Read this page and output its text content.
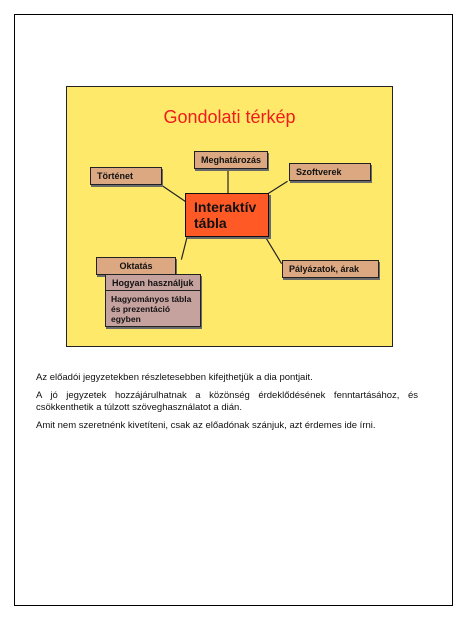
Gondolati térkép
Meghatározás
Történet	Szoftverek
Interaktív
tábla
Oktatás	Pályázatok, árak
Hogyan használjuk
Hagyományos tábla és prezentáció egyben

Az előadói jegyzetekben részletesebben kifejthetjük a dia pontjait.

A jó jegyzetek hozzájárulhatnak a közönség érdeklődésének fenntartásához, és csökkenthetik a túlzott szöveghasználatot a dián.

Amit nem szeretnénk kivetíteni, csak az előadónak szánjuk, azt érdemes ide írni.
